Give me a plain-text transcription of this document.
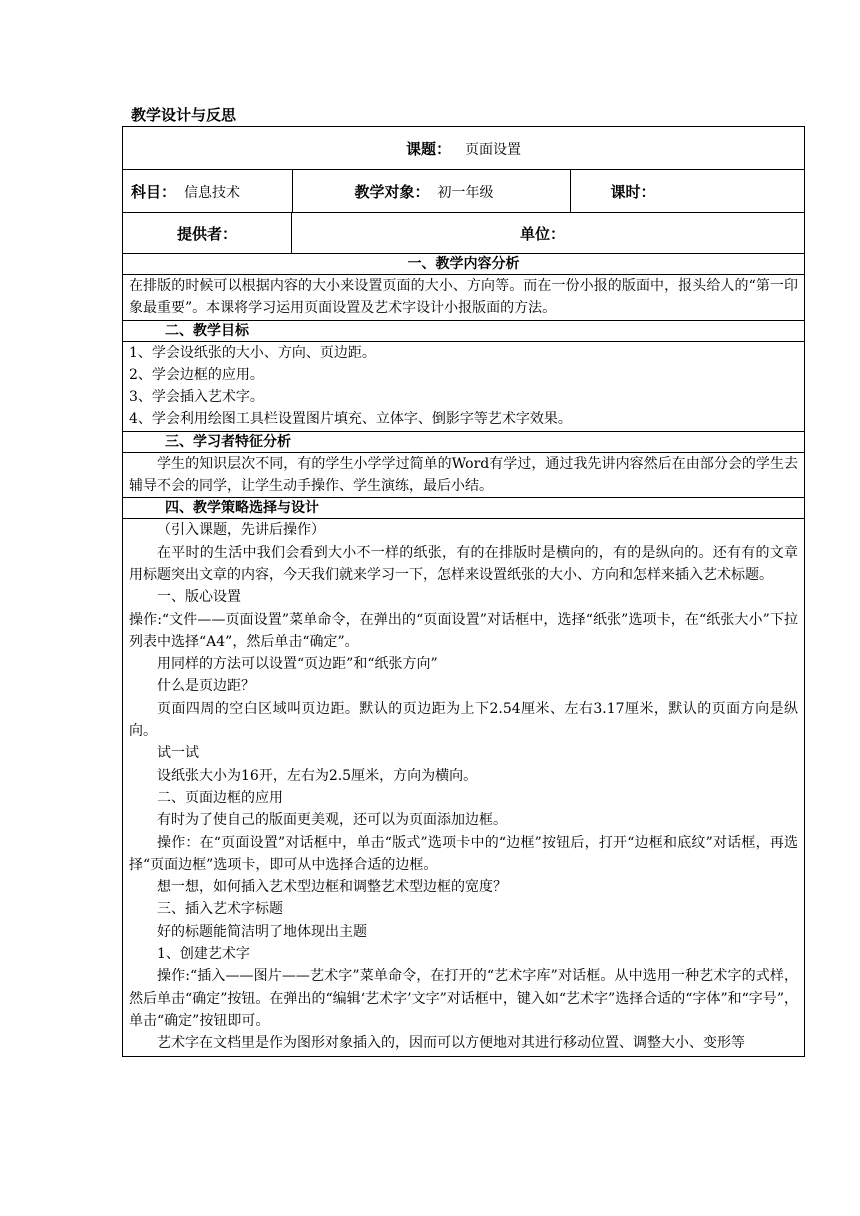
教学设计与反思
课题： 页面设置

科目： 信息技术	教学对象： 初一年级	课时：

提供者：	单位：
一、教学内容分析
在排版的时候可以根据内容的大小来设置页面的大小、方向等。而在一份小报的版面中，报头给人的“第一印象最重要”。本课将学习运用页面设置及艺术字设计小报版面的方法。
二、教学目标

1、学会设纸张的大小、方向、页边距。

2、学会边框的应用。

3、学会插入艺术字。

4、学会利用绘图工具栏设置图片填充、立体字、倒影字等艺术字效果。

三、学习者特征分析
学生的知识层次不同，有的学生小学学过简单的Word有学过，通过我先讲内容然后在由部分会的学生去辅导不会的同学，让学生动手操作、学生演练，最后小结。
四、教学策略选择与设计

（引入课题，先讲后操作）

在平时的生活中我们会看到大小不一样的纸张，有的在排版时是横向的，有的是纵向的。还有有的文章用标题突出文章的内容，今天我们就来学习一下，怎样来设置纸张的大小、方向和怎样来插入艺术标题。

一、版心设置

操作:“文件——页面设置”菜单命令，在弹出的“页面设置”对话框中，选择“纸张”选项卡，在“纸张大小”下拉列表中选择“A4”，然后单击“确定”。

用同样的方法可以设置“页边距”和“纸张方向”

什么是页边距？

页面四周的空白区域叫页边距。默认的页边距为上下2.54厘米、左右3.17厘米，默认的页面方向是纵向。

试一试

设纸张大小为16开，左右为2.5厘米，方向为横向。

二、页面边框的应用

有时为了使自己的版面更美观，还可以为页面添加边框。

操作：在“页面设置”对话框中，单击“版式”选项卡中的“边框”按钮后，打开“边框和底纹”对话框，再选择“页面边框”选项卡，即可从中选择合适的边框。

想一想，如何插入艺术型边框和调整艺术型边框的宽度？

三、插入艺术字标题

好的标题能简洁明了地体现出主题

1、创建艺术字

操作:“插入——图片——艺术字”菜单命令，在打开的“艺术字库”对话框。从中选用一种艺术字的式样，然后单击“确定”按钮。在弹出的“编辑‘艺术字’文字”对话框中，键入如“艺术字”选择合适的“字体”和“字号”，单击“确定”按钮即可。

艺术字在文档里是作为图形对象插入的，因而可以方便地对其进行移动位置、调整大小、变形等
